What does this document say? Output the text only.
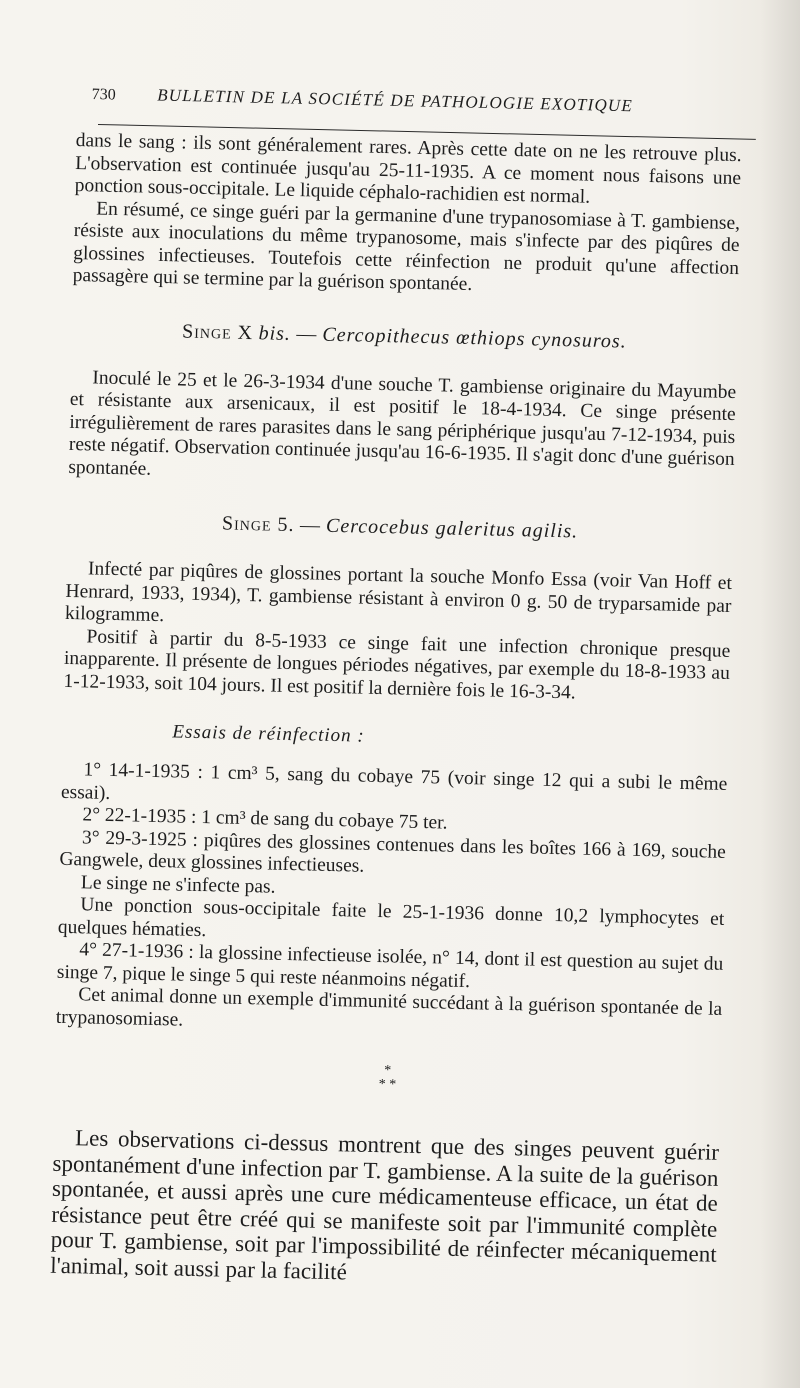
730 BULLETIN DE LA SOCIÉTÉ DE PATHOLOGIE EXOTIQUE

dans le sang : ils sont généralement rares. Après cette date on ne les retrouve plus. L'observation est continuée jusqu'au 25-11-1935. A ce moment nous faisons une ponction sous-occipitale. Le liquide céphalo-rachidien est normal.

En résumé, ce singe guéri par la germanine d'une trypanosomiase à T. gambiense, résiste aux inoculations du même trypanosome, mais s'infecte par des piqûres de glossines infectieuses. Toutefois cette réinfection ne produit qu'une affection passagère qui se termine par la guérison spontanée.

Singe X bis. — Cercopithecus œthiops cynosuros.

Inoculé le 25 et le 26-3-1934 d'une souche T. gambiense originaire du Mayumbe et résistante aux arsenicaux, il est positif le 18-4-1934. Ce singe présente irrégulièrement de rares parasites dans le sang périphérique jusqu'au 7-12-1934, puis reste négatif. Observation continuée jusqu'au 16-6-1935. Il s'agit donc d'une guérison spontanée.

Singe 5. — Cercocebus galeritus agilis.

Infecté par piqûres de glossines portant la souche Monfo Essa (voir Van Hoff et Henrard, 1933, 1934), T. gambiense résistant à environ 0 g. 50 de tryparsamide par kilogramme.

Positif à partir du 8-5-1933 ce singe fait une infection chronique presque inapparente. Il présente de longues périodes négatives, par exemple du 18-8-1933 au 1-12-1933, soit 104 jours. Il est positif la dernière fois le 16-3-34.

Essais de réinfection :

1° 14-1-1935 : 1 cm³ 5, sang du cobaye 75 (voir singe 12 qui a subi le même essai).

2° 22-1-1935 : 1 cm³ de sang du cobaye 75 ter.

3° 29-3-1925 : piqûres des glossines contenues dans les boîtes 166 à 169, souche Gangwele, deux glossines infectieuses.

Le singe ne s'infecte pas.

Une ponction sous-occipitale faite le 25-1-1936 donne 10,2 lymphocytes et quelques hématies.

4° 27-1-1936 : la glossine infectieuse isolée, n° 14, dont il est question au sujet du singe 7, pique le singe 5 qui reste néanmoins négatif.

Cet animal donne un exemple d'immunité succédant à la guérison spontanée de la trypanosomiase.

*
* *

Les observations ci-dessus montrent que des singes peuvent guérir spontanément d'une infection par T. gambiense. A la suite de la guérison spontanée, et aussi après une cure médicamenteuse efficace, un état de résistance peut être créé qui se manifeste soit par l'immunité complète pour T. gambiense, soit par l'impossibilité de réinfecter mécaniquement l'animal, soit aussi par la facilité
